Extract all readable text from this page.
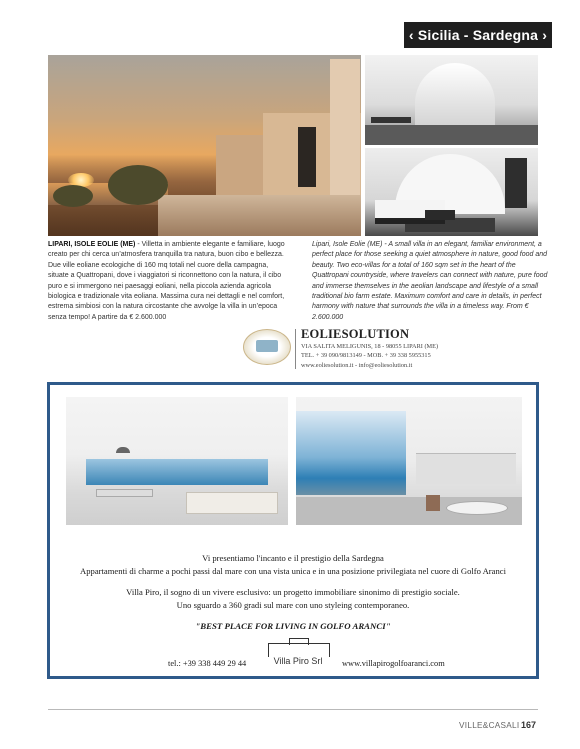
‹ Sicilia - Sardegna ›
LIPARI, ISOLE EOLIE (ME) - Villetta in ambiente elegante e familiare, luogo creato per chi cerca un’atmosfera tranquilla tra natura, buon cibo e bellezza. Due ville eoliane ecologiche di 160 mq totali nel cuore della campagna, situate a Quattropani, dove i viaggiatori si riconnettono con la natura, il cibo puro e si immergono nei paesaggi eoliani, nella piccola azienda agricola biologica e tradizionale vita eoliana. Massima cura nei dettagli e nel comfort, estrema simbiosi con la natura circostante che avvolge la villa in un’epoca senza tempo! A partire da € 2.600.000
Lipari, Isole Eolie (ME) - A small villa in an elegant, familiar environment, a perfect place for those seeking a quiet atmosphere in nature, good food and beauty. Two eco-villas for a total of 160 sqm set in the heart of the Quattropani countryside, where travelers can connect with nature, pure food and immerse themselves in the aeolian landscape and lifestyle of a small traditional bio farm estate. Maximum comfort and care in details, in perfect harmony with nature that surrounds the villa in a timeless way. From € 2.600.000
EOLIESOLUTION
VIA SALITA MELIGUNIS, 18 - 98055 LIPARI (ME)
TEL. + 39 090/9813149 - MOB. + 39 338 5955315
www.eoliesolution.it - info@eoliesolution.it
Vi presentiamo l'incanto e il prestigio della Sardegna
Appartamenti di charme a pochi passi dal mare con una vista unica e in una posizione privilegiata nel cuore di Golfo Aranci
Villa Piro, il sogno di un vivere esclusivo: un progetto immobiliare sinonimo di prestigio sociale.
Uno sguardo a 360 gradi sul mare con uno styleing contemporaneo.
"BEST PLACE FOR LIVING IN GOLFO ARANCI"
tel.: +39 338 449 29 44	Villa Piro Srl	www.villapirogolfoaranci.com
VILLE&CASALI 167
